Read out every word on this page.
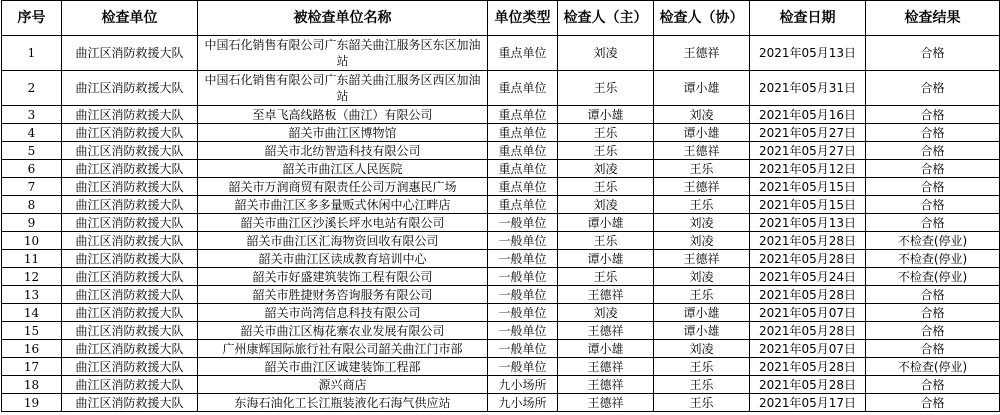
序号	检查单位	被检查单位名称	单位类型	检查人（主）	检查人（协）	检查日期	检查结果
1	曲江区消防救援大队	中国石化销售有限公司广东韶关曲江服务区东区加油站	重点单位	刘凌	王德祥	2021年05月13日	合格
2	曲江区消防救援大队	中国石化销售有限公司广东韶关曲江服务区西区加油站	重点单位	王乐	谭小雄	2021年05月31日	合格
3	曲江区消防救援大队	至卓飞高线路板（曲江）有限公司	重点单位	谭小雄	刘凌	2021年05月16日	合格
4	曲江区消防救援大队	韶关市曲江区博物馆	重点单位	王乐	谭小雄	2021年05月27日	合格
5	曲江区消防救援大队	韶关市北纺智造科技有限公司	重点单位	王乐	王德祥	2021年05月27日	合格
6	曲江区消防救援大队	韶关市曲江区人民医院	重点单位	刘凌	王乐	2021年05月12日	合格
7	曲江区消防救援大队	韶关市万润商贸有限责任公司万润惠民广场	重点单位	王乐	王德祥	2021年05月15日	合格
8	曲江区消防救援大队	韶关市曲江区多多量贩式休闲中心江畔店	重点单位	刘凌	王乐	2021年05月15日	合格
9	曲江区消防救援大队	韶关市曲江区沙溪长坪水电站有限公司	一般单位	谭小雄	刘凌	2021年05月13日	合格
10	曲江区消防救援大队	韶关市曲江区汇海物资回收有限公司	一般单位	王乐	刘凌	2021年05月28日	不检查(停业)
11	曲江区消防救援大队	韶关市曲江区读成教育培训中心	一般单位	谭小雄	王德祥	2021年05月28日	不检查(停业)
12	曲江区消防救援大队	韶关市好盛建筑装饰工程有限公司	一般单位	王乐	刘凌	2021年05月24日	不检查(停业)
13	曲江区消防救援大队	韶关市胜捷财务咨询服务有限公司	一般单位	王德祥	王乐	2021年05月28日	合格
14	曲江区消防救援大队	韶关市尚湾信息科技有限公司	一般单位	刘凌	谭小雄	2021年05月07日	合格
15	曲江区消防救援大队	韶关市曲江区梅花寨农业发展有限公司	一般单位	王德祥	谭小雄	2021年05月28日	合格
16	曲江区消防救援大队	广州康辉国际旅行社有限公司韶关曲江门市部	一般单位	谭小雄	刘凌	2021年05月07日	合格
17	曲江区消防救援大队	韶关市曲江区诚建装饰工程部	一般单位	王德祥	王乐	2021年05月28日	不检查(停业)
18	曲江区消防救援大队	源兴商店	九小场所	王德祥	王乐	2021年05月28日	合格
19	曲江区消防救援大队	东海石油化工长江瓶装液化石海气供应站	九小场所	王德祥	王乐	2021年05月17日	合格
